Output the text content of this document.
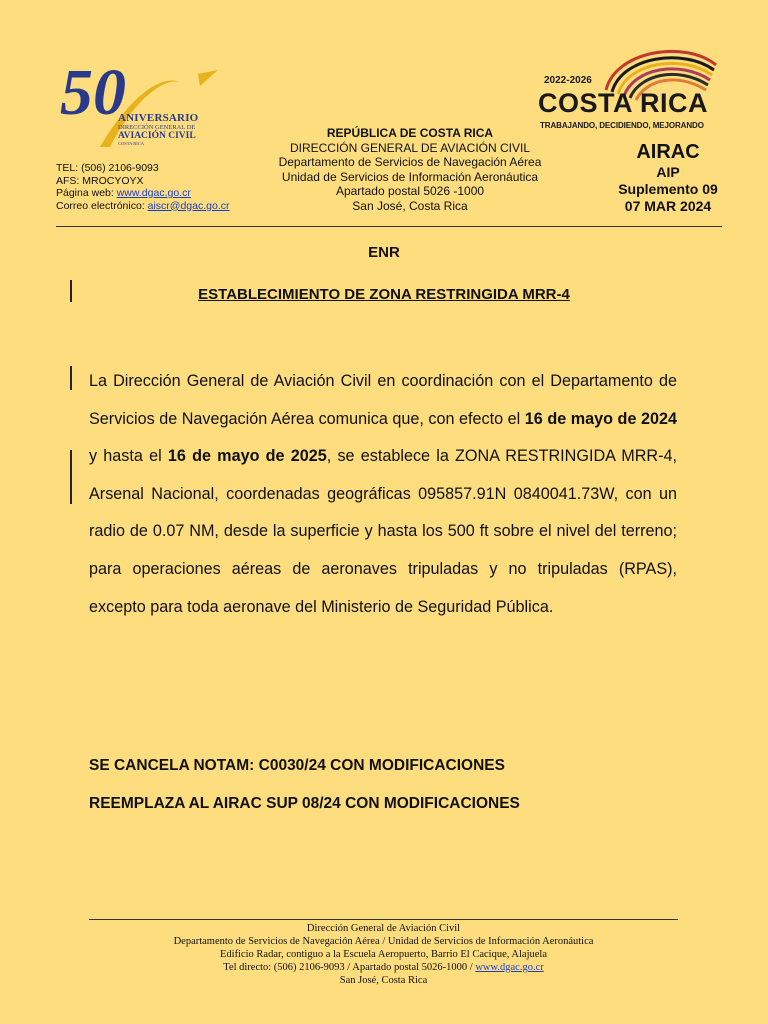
50
ANIVERSARIO
DIRECCIÓN GENERAL DE
AVIACIÓN CIVIL
COSTA RICA
TEL: (506) 2106-9093
AFS: MROCYOYX
Página web: www.dgac.go.cr
Correo electrónico: aiscr@dgac.go.cr
REPÚBLICA DE COSTA RICA
DIRECCIÓN GENERAL DE AVIACIÓN CIVIL
Departamento de Servicios de Navegación Aérea
Unidad de Servicios de Información Aeronáutica
Apartado postal 5026 -1000
San José, Costa Rica
2022-2026
COSTA RICA
TRABAJANDO, DECIDIENDO, MEJORANDO
AIRAC
AIP
Suplemento 09
07 MAR 2024
ENR
ESTABLECIMIENTO DE ZONA RESTRINGIDA MRR-4
La Dirección General de Aviación Civil en coordinación con el Departamento de Servicios de Navegación Aérea comunica que, con efecto el 16 de mayo de 2024 y hasta el 16 de mayo de 2025, se establece la ZONA RESTRINGIDA MRR-4, Arsenal Nacional, coordenadas geográficas 095857.91N 0840041.73W, con un radio de 0.07 NM, desde la superficie y hasta los 500 ft sobre el nivel del terreno; para operaciones aéreas de aeronaves tripuladas y no tripuladas (RPAS), excepto para toda aeronave del Ministerio de Seguridad Pública.
SE CANCELA NOTAM: C0030/24 CON MODIFICACIONES
REEMPLAZA AL AIRAC SUP 08/24 CON MODIFICACIONES
Dirección General de Aviación Civil
Departamento de Servicios de Navegación Aérea / Unidad de Servicios de Información Aeronáutica
Edificio Radar, contiguo a la Escuela Aeropuerto, Barrio El Cacique, Alajuela
Tel directo: (506) 2106-9093 / Apartado postal 5026-1000 / www.dgac.go.cr
San José, Costa Rica
